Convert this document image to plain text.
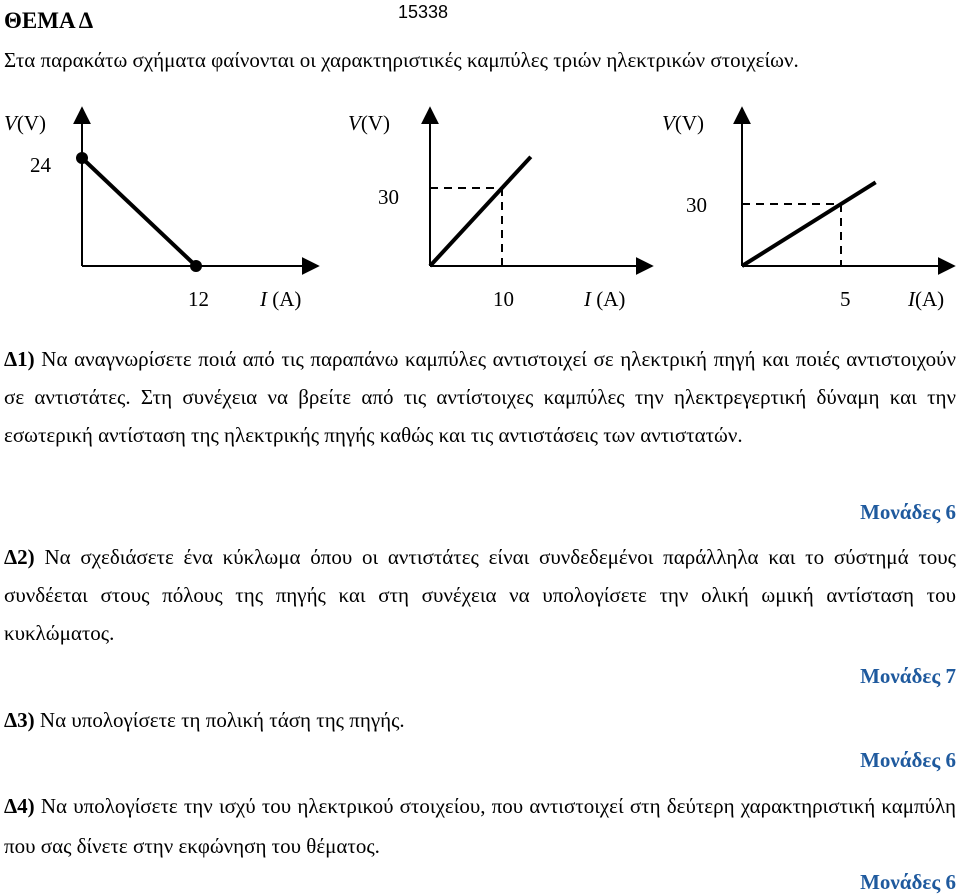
ΘΕΜΑ Δ	15338
Στα παρακάτω σχήματα φαίνονται οι χαρακτηριστικές καμπύλες τριών ηλεκτρικών στοιχείων.
V(V)
24
12 I (A)
V(V)
30
10	I (A)
V(V)
30
5	I(A)
Δ1) Να αναγνωρίσετε ποιά από τις παραπάνω καμπύλες αντιστοιχεί σε ηλεκτρική πηγή και ποιές αντιστοιχούν σε αντιστάτες. Στη συνέχεια να βρείτε από τις αντίστοιχες καμπύλες την ηλεκτρεγερτική δύναμη και την εσωτερική αντίσταση της ηλεκτρικής πηγής καθώς και τις αντιστάσεις των αντιστατών.
Μονάδες 6
Δ2) Να σχεδιάσετε ένα κύκλωμα όπου οι αντιστάτες είναι συνδεδεμένοι παράλληλα και το σύστημά τους συνδέεται στους πόλους της πηγής και στη συνέχεια να υπολογίσετε την ολική ωμική αντίσταση του κυκλώματος.
Μονάδες 7
Δ3) Να υπολογίσετε τη πολική τάση της πηγής.
Μονάδες 6
Δ4) Να υπολογίσετε την ισχύ του ηλεκτρικού στοιχείου, που αντιστοιχεί στη δεύτερη χαρακτηριστική καμπύλη που σας δίνετε στην εκφώνηση του θέματος.
Μονάδες 6
